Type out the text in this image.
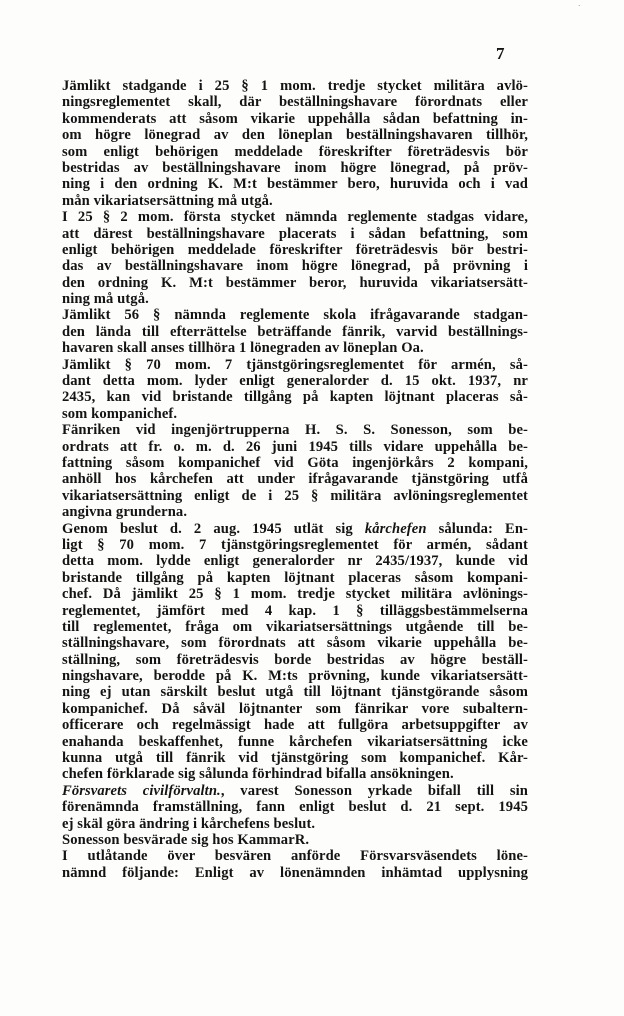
·
7
Jämlikt stadgande i 25 § 1 mom. tredje stycket militära avlö-
ningsreglementet skall, där beställningshavare förordnats eller
kommenderats att såsom vikarie uppehålla sådan befattning in-
om högre lönegrad av den löneplan beställningshavaren tillhör,
som enligt behörigen meddelade föreskrifter företrädesvis bör
bestridas av beställningshavare inom högre lönegrad, på pröv-
ning i den ordning K. M:t bestämmer bero, huruvida och i vad
mån vikariatsersättning må utgå.
I 25 § 2 mom. första stycket nämnda reglemente stadgas vidare,
att därest beställningshavare placerats i sådan befattning, som
enligt behörigen meddelade föreskrifter företrädesvis bör bestri-
das av beställningshavare inom högre lönegrad, på prövning i
den ordning K. M:t bestämmer beror, huruvida vikariatsersätt-
ning må utgå.
Jämlikt 56 § nämnda reglemente skola ifrågavarande stadgan-
den lända till efterrättelse beträffande fänrik, varvid beställnings-
havaren skall anses tillhöra 1 lönegraden av löneplan Oa.
Jämlikt § 70 mom. 7 tjänstgöringsreglementet för armén, så-
dant detta mom. lyder enligt generalorder d. 15 okt. 1937, nr
2435, kan vid bristande tillgång på kapten löjtnant placeras så-
som kompanichef.
Fänriken vid ingenjörtrupperna H. S. S. Sonesson, som be-
ordrats att fr. o. m. d. 26 juni 1945 tills vidare uppehålla be-
fattning såsom kompanichef vid Göta ingenjörkårs 2 kompani,
anhöll hos kårchefen att under ifrågavarande tjänstgöring utfå
vikariatsersättning enligt de i 25 § militära avlöningsreglementet
angivna grunderna.
Genom beslut d. 2 aug. 1945 utlät sig kårchefen sålunda: En-
ligt § 70 mom. 7 tjänstgöringsreglementet för armén, sådant
detta mom. lydde enligt generalorder nr 2435/1937, kunde vid
bristande tillgång på kapten löjtnant placeras såsom kompani-
chef. Då jämlikt 25 § 1 mom. tredje stycket militära avlönings-
reglementet, jämfört med 4 kap. 1 § tilläggsbestämmelserna
till reglementet, fråga om vikariatsersättnings utgående till be-
ställningshavare, som förordnats att såsom vikarie uppehålla be-
ställning, som företrädesvis borde bestridas av högre beställ-
ningshavare, berodde på K. M:ts prövning, kunde vikariatsersätt-
ning ej utan särskilt beslut utgå till löjtnant tjänstgörande såsom
kompanichef. Då såväl löjtnanter som fänrikar vore subaltern-
officerare och regelmässigt hade att fullgöra arbetsuppgifter av
enahanda beskaffenhet, funne kårchefen vikariatsersättning icke
kunna utgå till fänrik vid tjänstgöring som kompanichef. Kår-
chefen förklarade sig sålunda förhindrad bifalla ansökningen.
Försvarets civilförvaltn., varest Sonesson yrkade bifall till sin
förenämnda framställning, fann enligt beslut d. 21 sept. 1945
ej skäl göra ändring i kårchefens beslut.
Sonesson besvärade sig hos KammarR.
I utlåtande över besvären anförde Försvarsväsendets löne-
nämnd följande: Enligt av lönenämnden inhämtad upplysning
